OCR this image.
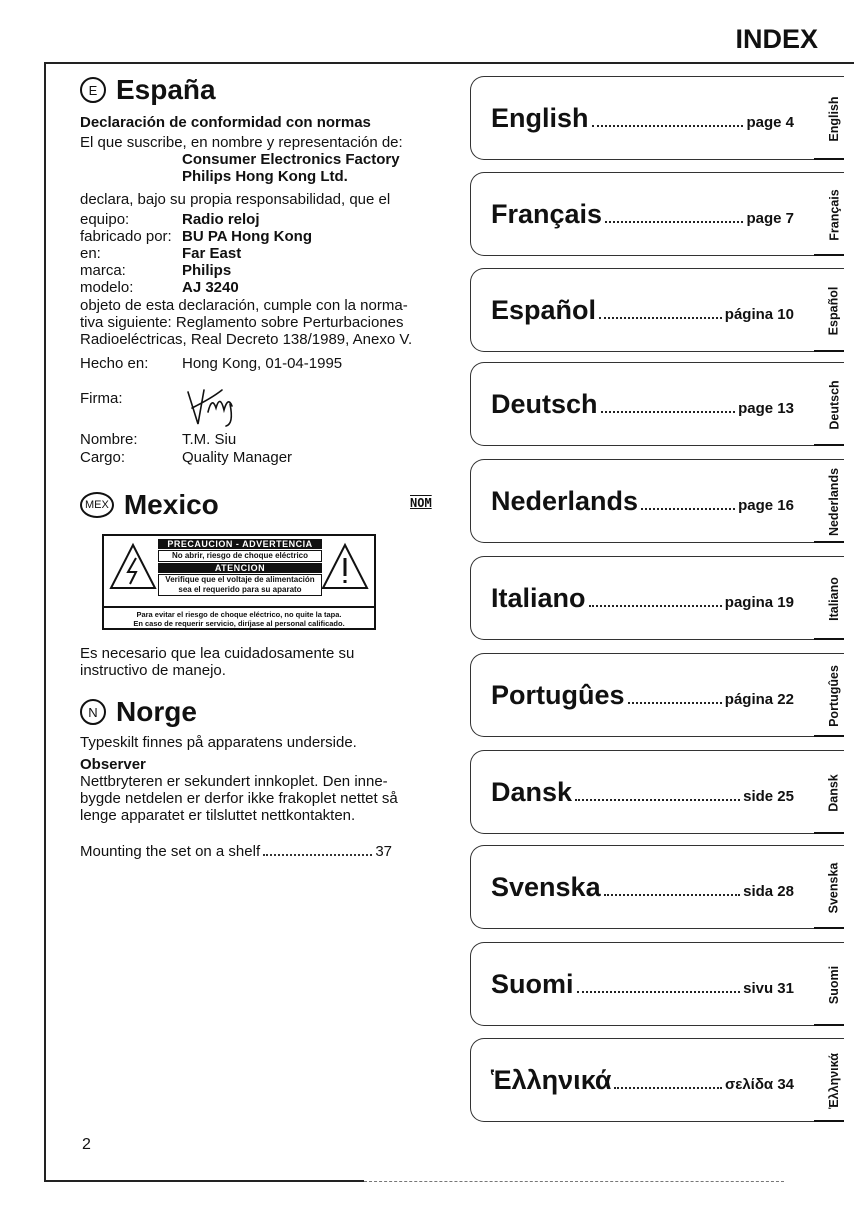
INDEX
E España
Declaración de conformidad con normas
El que suscribe, en nombre y representación de:
Consumer Electronics Factory
Philips Hong Kong Ltd.
declara, bajo su propia responsabilidad, que el
equipo:	Radio reloj
fabricado por: BU PA Hong Kong
en:	Far East
marca:	Philips
modelo:	AJ 3240
objeto de esta declaración, cumple con la norma-
tiva siguiente: Reglamento sobre Perturbaciones
Radioeléctricas, Real Decreto 138/1989, Anexo V.
Hecho en: Hong Kong, 01-04-1995
Firma:
Nombre:	T.M. Siu
Cargo:	Quality Manager
MEX Mexico	NOM
PRECAUCION - ADVERTENCIA
No abrir, riesgo de choque eléctrico
ATENCION
Verifique que el voltaje de alimentación
sea el requerido para su aparato
Para evitar el riesgo de choque eléctrico, no quite la tapa.
En caso de requerir servicio, diríjase al personal calificado.
Es necesario que lea cuidadosamente su
instructivo de manejo.
N Norge
Typeskilt finnes på apparatens underside.
Observer
Nettbryteren er sekundert innkoplet. Den inne-
bygde netdelen er derfor ikke frakoplet nettet så
lenge apparatet er tilsluttet nettkontakten.
Mounting the set on a shelf	37
English	page 4	English
Français	page 7	Français
Español	página 10	Español
Deutsch	page 13	Deutsch
Nederlands	page 16	Nederlands
Italiano	pagina 19	Italiano
Portugûes	página 22	Portugûes
Dansk	side 25	Dansk
Svenska	sida 28	Svenska
Suomi	sivu 31	Suomi
Ἑλληνικά	σελίδα 34	Ἑλληνικά
2
